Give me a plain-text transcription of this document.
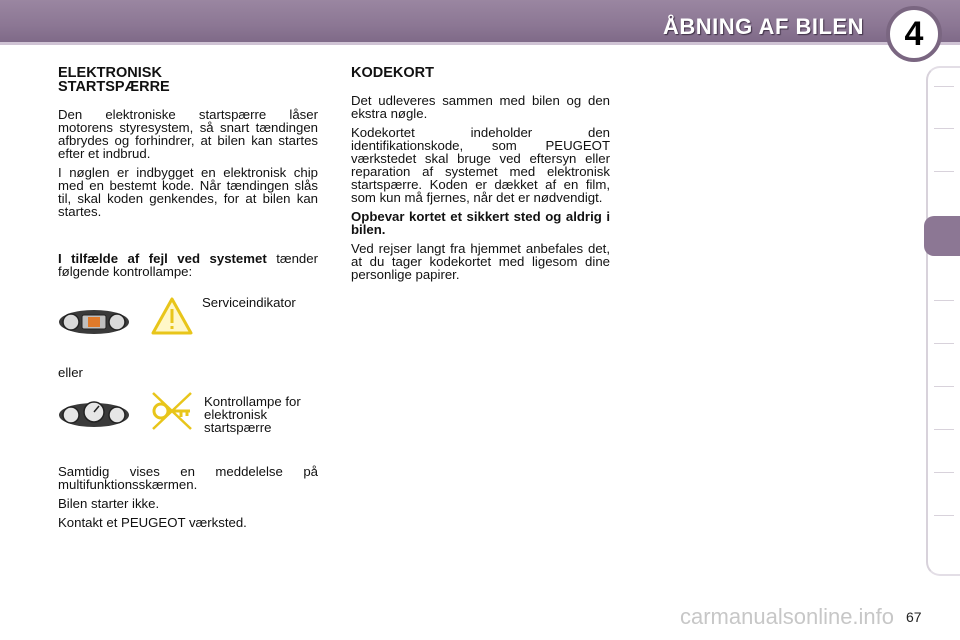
ÅBNING AF BILEN 4
ELEKTRONISK
STARTSPÆRRE

Den elektroniske startspærre låser motorens styresystem, så snart tændingen afbrydes og forhindrer, at bilen kan startes efter et indbrud.

I nøglen er indbygget en elektronisk chip med en bestemt kode. Når tændingen slås til, skal koden genkendes, for at bilen kan startes.

I tilfælde af fejl ved systemet tænder følgende kontrollampe:

Serviceindikator

eller

Kontrollampe for
elektronisk
startspærre

Samtidig vises en meddelelse på multifunktionsskærmen.

Bilen starter ikke.

Kontakt et PEUGEOT værksted.

KODEKORT

Det udleveres sammen med bilen og den ekstra nøgle.

Kodekortet indeholder den identifikationskode, som PEUGEOT værkstedet skal bruge ved eftersyn eller reparation af systemet med elektronisk startspærre. Koden er dækket af en film, som kun må fjernes, når det er nødvendigt.

Opbevar kortet et sikkert sted og aldrig i bilen.

Ved rejser langt fra hjemmet anbefales det, at du tager kodekortet med ligesom dine personlige papirer.

carmanualsonline.info 67
